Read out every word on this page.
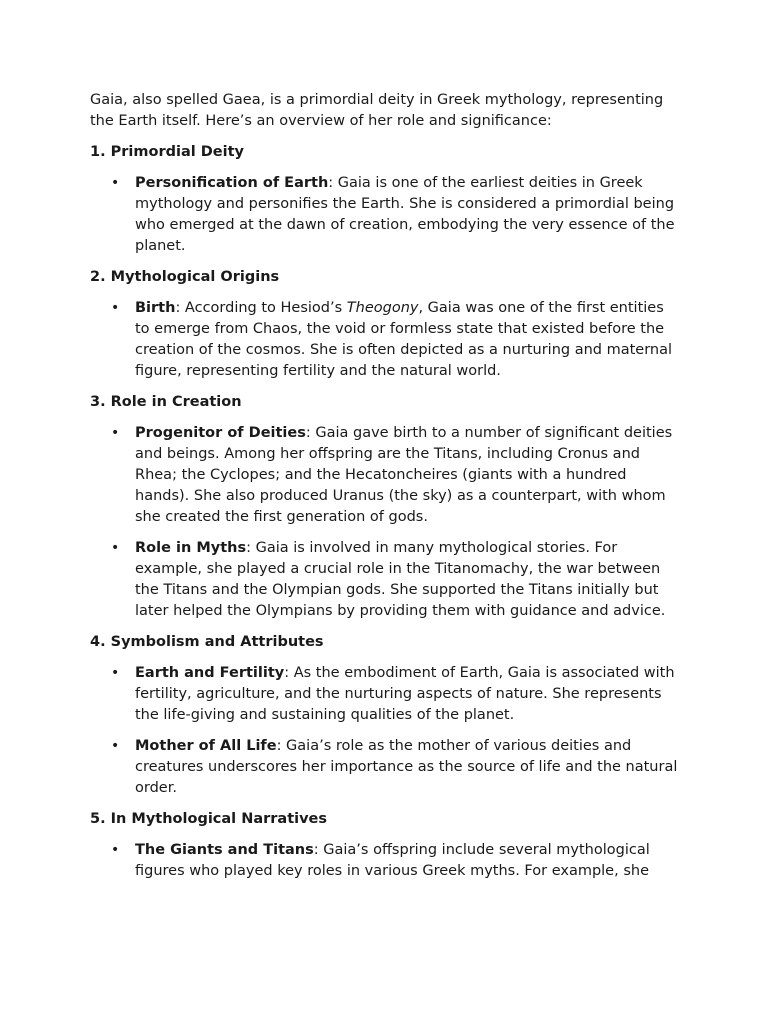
Gaia, also spelled Gaea, is a primordial deity in Greek mythology, representing the Earth itself. Here’s an overview of her role and significance:

1. Primordial Deity
• Personification of Earth: Gaia is one of the earliest deities in Greek mythology and personifies the Earth. She is considered a primordial being who emerged at the dawn of creation, embodying the very essence of the planet.
2. Mythological Origins
• Birth: According to Hesiod’s Theogony, Gaia was one of the first entities to emerge from Chaos, the void or formless state that existed before the creation of the cosmos. She is often depicted as a nurturing and maternal figure, representing fertility and the natural world.
3. Role in Creation
• Progenitor of Deities: Gaia gave birth to a number of significant deities and beings. Among her offspring are the Titans, including Cronus and Rhea; the Cyclopes; and the Hecatoncheires (giants with a hundred hands). She also produced Uranus (the sky) as a counterpart, with whom she created the first generation of gods.
• Role in Myths: Gaia is involved in many mythological stories. For example, she played a crucial role in the Titanomachy, the war between the Titans and the Olympian gods. She supported the Titans initially but later helped the Olympians by providing them with guidance and advice.
4. Symbolism and Attributes
• Earth and Fertility: As the embodiment of Earth, Gaia is associated with fertility, agriculture, and the nurturing aspects of nature. She represents the life-giving and sustaining qualities of the planet.
• Mother of All Life: Gaia’s role as the mother of various deities and creatures underscores her importance as the source of life and the natural order.
5. In Mythological Narratives
• The Giants and Titans: Gaia’s offspring include several mythological figures who played key roles in various Greek myths. For example, she
